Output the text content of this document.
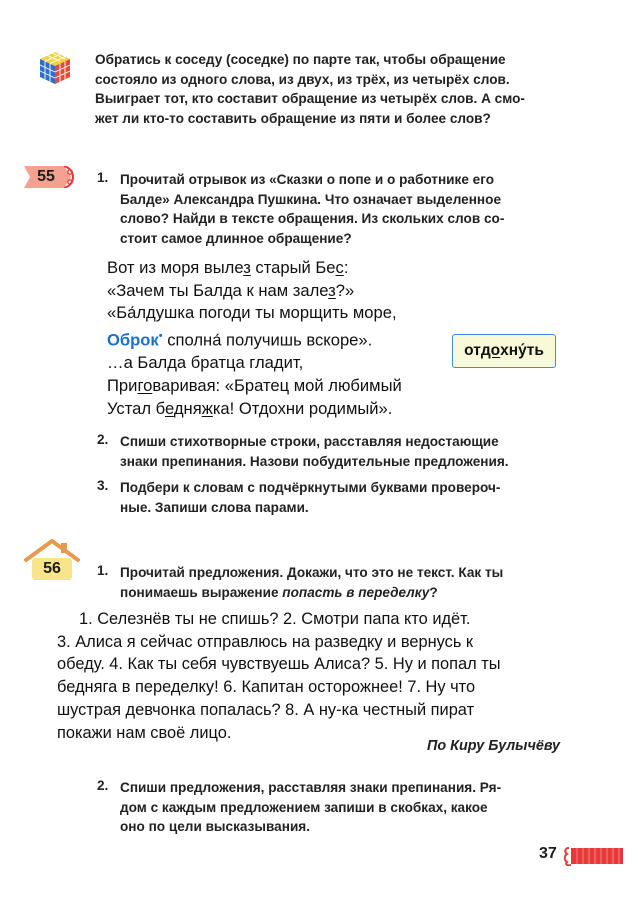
Обратись к соседу (соседке) по парте так, чтобы обращение
состояло из одного слова, из двух, из трёх, из четырёх слов.
Выиграет тот, кто составит обращение из четырёх слов. А смо-
жет ли кто-то составить обращение из пяти и более слов?
55	1. Прочитай отрывок из «Сказки о попе и о работнике его
Балде» Александра Пушкина. Что означает выделенное
слово? Найди в тексте обращения. Из скольких слов со-
стоит самое длинное обращение?
Вот из моря вылез старый Бес:
«Зачем ты Балда к нам залез?»
«Ба́лдушка погоди ты морщить море,
Оброк• сполна́ получишь вскоре».
…а Балда братца гладит,
Приговаривая: «Братец мой любимый
Устал бедняжка! Отдохни родимый».
от до хну́ть
2. Спиши стихотворные строки, расставляя недостающие
знаки препинания. Назови побудительные предложения.
3. Подбери к словам с подчёркнутыми буквами провероч-
ные. Запиши слова парами.
56	1. Прочитай предложения. Докажи, что это не текст. Как ты
понимаешь выражение попасть в переделку?
1. Селезнёв ты не спишь? 2. Смотри папа кто идёт.
3. Алиса я сейчас отправлюсь на разведку и вернусь к
обеду. 4. Как ты себя чувствуешь Алиса? 5. Ну и попал ты
бедняга в переделку! 6. Капитан осторожнее! 7. Ну что
шустрая девчонка попалась? 8. А ну-ка честный пират
покажи нам своё лицо.
По Киру Булычёву
2. Спиши предложения, расставляя знаки препинания. Ря-
дом с каждым предложением запиши в скобках, какое
оно по цели высказывания.
37
